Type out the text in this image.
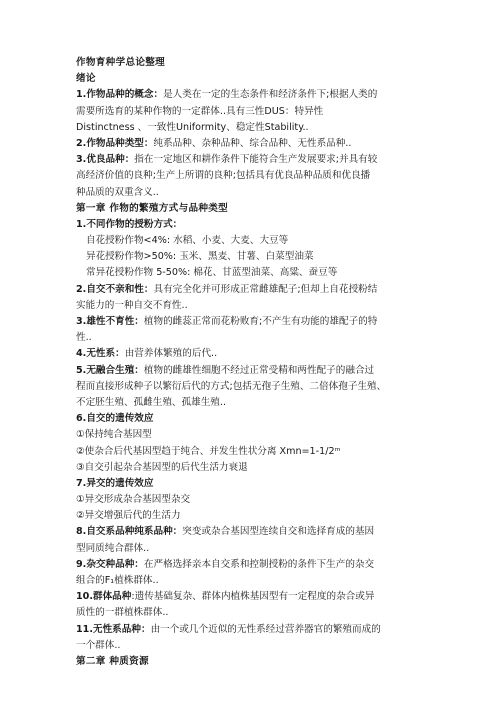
作物育种学总论整理
绪论
1.作物品种的概念：是人类在一定的生态条件和经济条件下;根据人类的
需要所选育的某种作物的一定群体..具有三性DUS：特异性
Distinctness 、一致性Uniformity、稳定性Stability..
2.作物品种类型：纯系品种、杂种品种、综合品种、无性系品种..
3.优良品种：指在一定地区和耕作条件下能符合生产发展要求;并具有较
高经济价值的良种;生产上所谓的良种;包括具有优良品种品质和优良播
种品质的双重含义..
第一章 作物的繁殖方式与品种类型
1.不同作物的授粉方式：
自花授粉作物<4%: 水稻、小麦、大麦、大豆等
异花授粉作物>50%: 玉米、黑麦、甘薯、白菜型油菜
常异花授粉作物 5-50%: 棉花、甘蓝型油菜、高粱、蚕豆等
2.自交不亲和性：具有完全化并可形成正常雌雄配子;但却上自花授粉结
实能力的一种自交不育性..
3.雄性不育性：植物的雌蕊正常而花粉败育;不产生有功能的雄配子的特
性..
4.无性系：由营养体繁殖的后代..
5.无融合生殖：植物的雌雄性细胞不经过正常受精和两性配子的融合过
程而直接形成种子以繁衍后代的方式;包括无孢子生殖、二倍体孢子生殖、
不定胚生殖、孤雌生殖、孤雄生殖..
6.自交的遗传效应
①保持纯合基因型
②使杂合后代基因型趋于纯合、并发生性状分离 Xmn=1-1/2ᵐ
③自交引起杂合基因型的后代生活力衰退
7.异交的遗传效应
①异交形成杂合基因型杂交
②异交增强后代的生活力
8.自交系品种纯系品种：突变或杂合基因型连续自交和选择育成的基因
型同质纯合群体..
9.杂交种品种：在严格选择亲本自交系和控制授粉的条件下生产的杂交
组合的F₁植株群体..
10.群体品种:遗传基础复杂、群体内植株基因型有一定程度的杂合或异
质性的一群植株群体..
11.无性系品种：由一个或几个近似的无性系经过营养器官的繁殖而成的
一个群体..
第二章 种质资源
